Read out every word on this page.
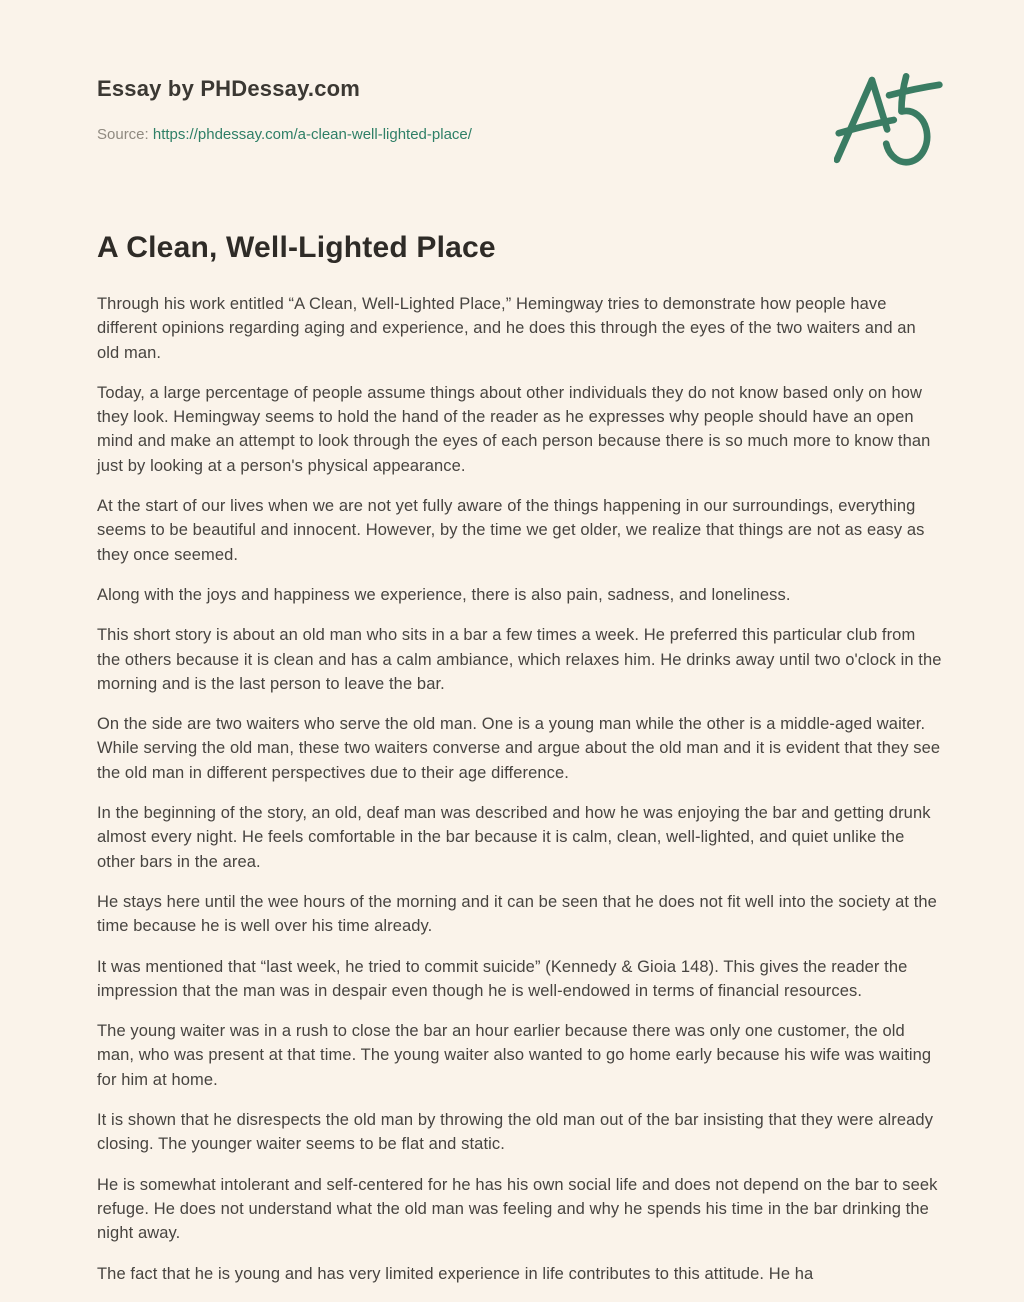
Essay by PHDessay.com
Source: https://phdessay.com/a-clean-well-lighted-place/
A Clean, Well-Lighted Place

Through his work entitled “A Clean, Well-Lighted Place,” Hemingway tries to demonstrate how people have different opinions regarding aging and experience, and he does this through the eyes of the two waiters and an old man.

Today, a large percentage of people assume things about other individuals they do not know based only on how they look. Hemingway seems to hold the hand of the reader as he expresses why people should have an open mind and make an attempt to look through the eyes of each person because there is so much more to know than just by looking at a person's physical appearance.

At the start of our lives when we are not yet fully aware of the things happening in our surroundings, everything seems to be beautiful and innocent. However, by the time we get older, we realize that things are not as easy as they once seemed.

Along with the joys and happiness we experience, there is also pain, sadness, and loneliness.

This short story is about an old man who sits in a bar a few times a week. He preferred this particular club from the others because it is clean and has a calm ambiance, which relaxes him. He drinks away until two o'clock in the morning and is the last person to leave the bar.

On the side are two waiters who serve the old man. One is a young man while the other is a middle-aged waiter. While serving the old man, these two waiters converse and argue about the old man and it is evident that they see the old man in different perspectives due to their age difference.

In the beginning of the story, an old, deaf man was described and how he was enjoying the bar and getting drunk almost every night. He feels comfortable in the bar because it is calm, clean, well-lighted, and quiet unlike the other bars in the area.

He stays here until the wee hours of the morning and it can be seen that he does not fit well into the society at the time because he is well over his time already.

It was mentioned that “last week, he tried to commit suicide” (Kennedy & Gioia 148). This gives the reader the impression that the man was in despair even though he is well-endowed in terms of financial resources.

The young waiter was in a rush to close the bar an hour earlier because there was only one customer, the old man, who was present at that time. The young waiter also wanted to go home early because his wife was waiting for him at home.

It is shown that he disrespects the old man by throwing the old man out of the bar insisting that they were already closing. The younger waiter seems to be flat and static.

He is somewhat intolerant and self-centered for he has his own social life and does not depend on the bar to seek refuge. He does not understand what the old man was feeling and why he spends his time in the bar drinking the night away.

The fact that he is young and has very limited experience in life contributes to this attitude. He ha
